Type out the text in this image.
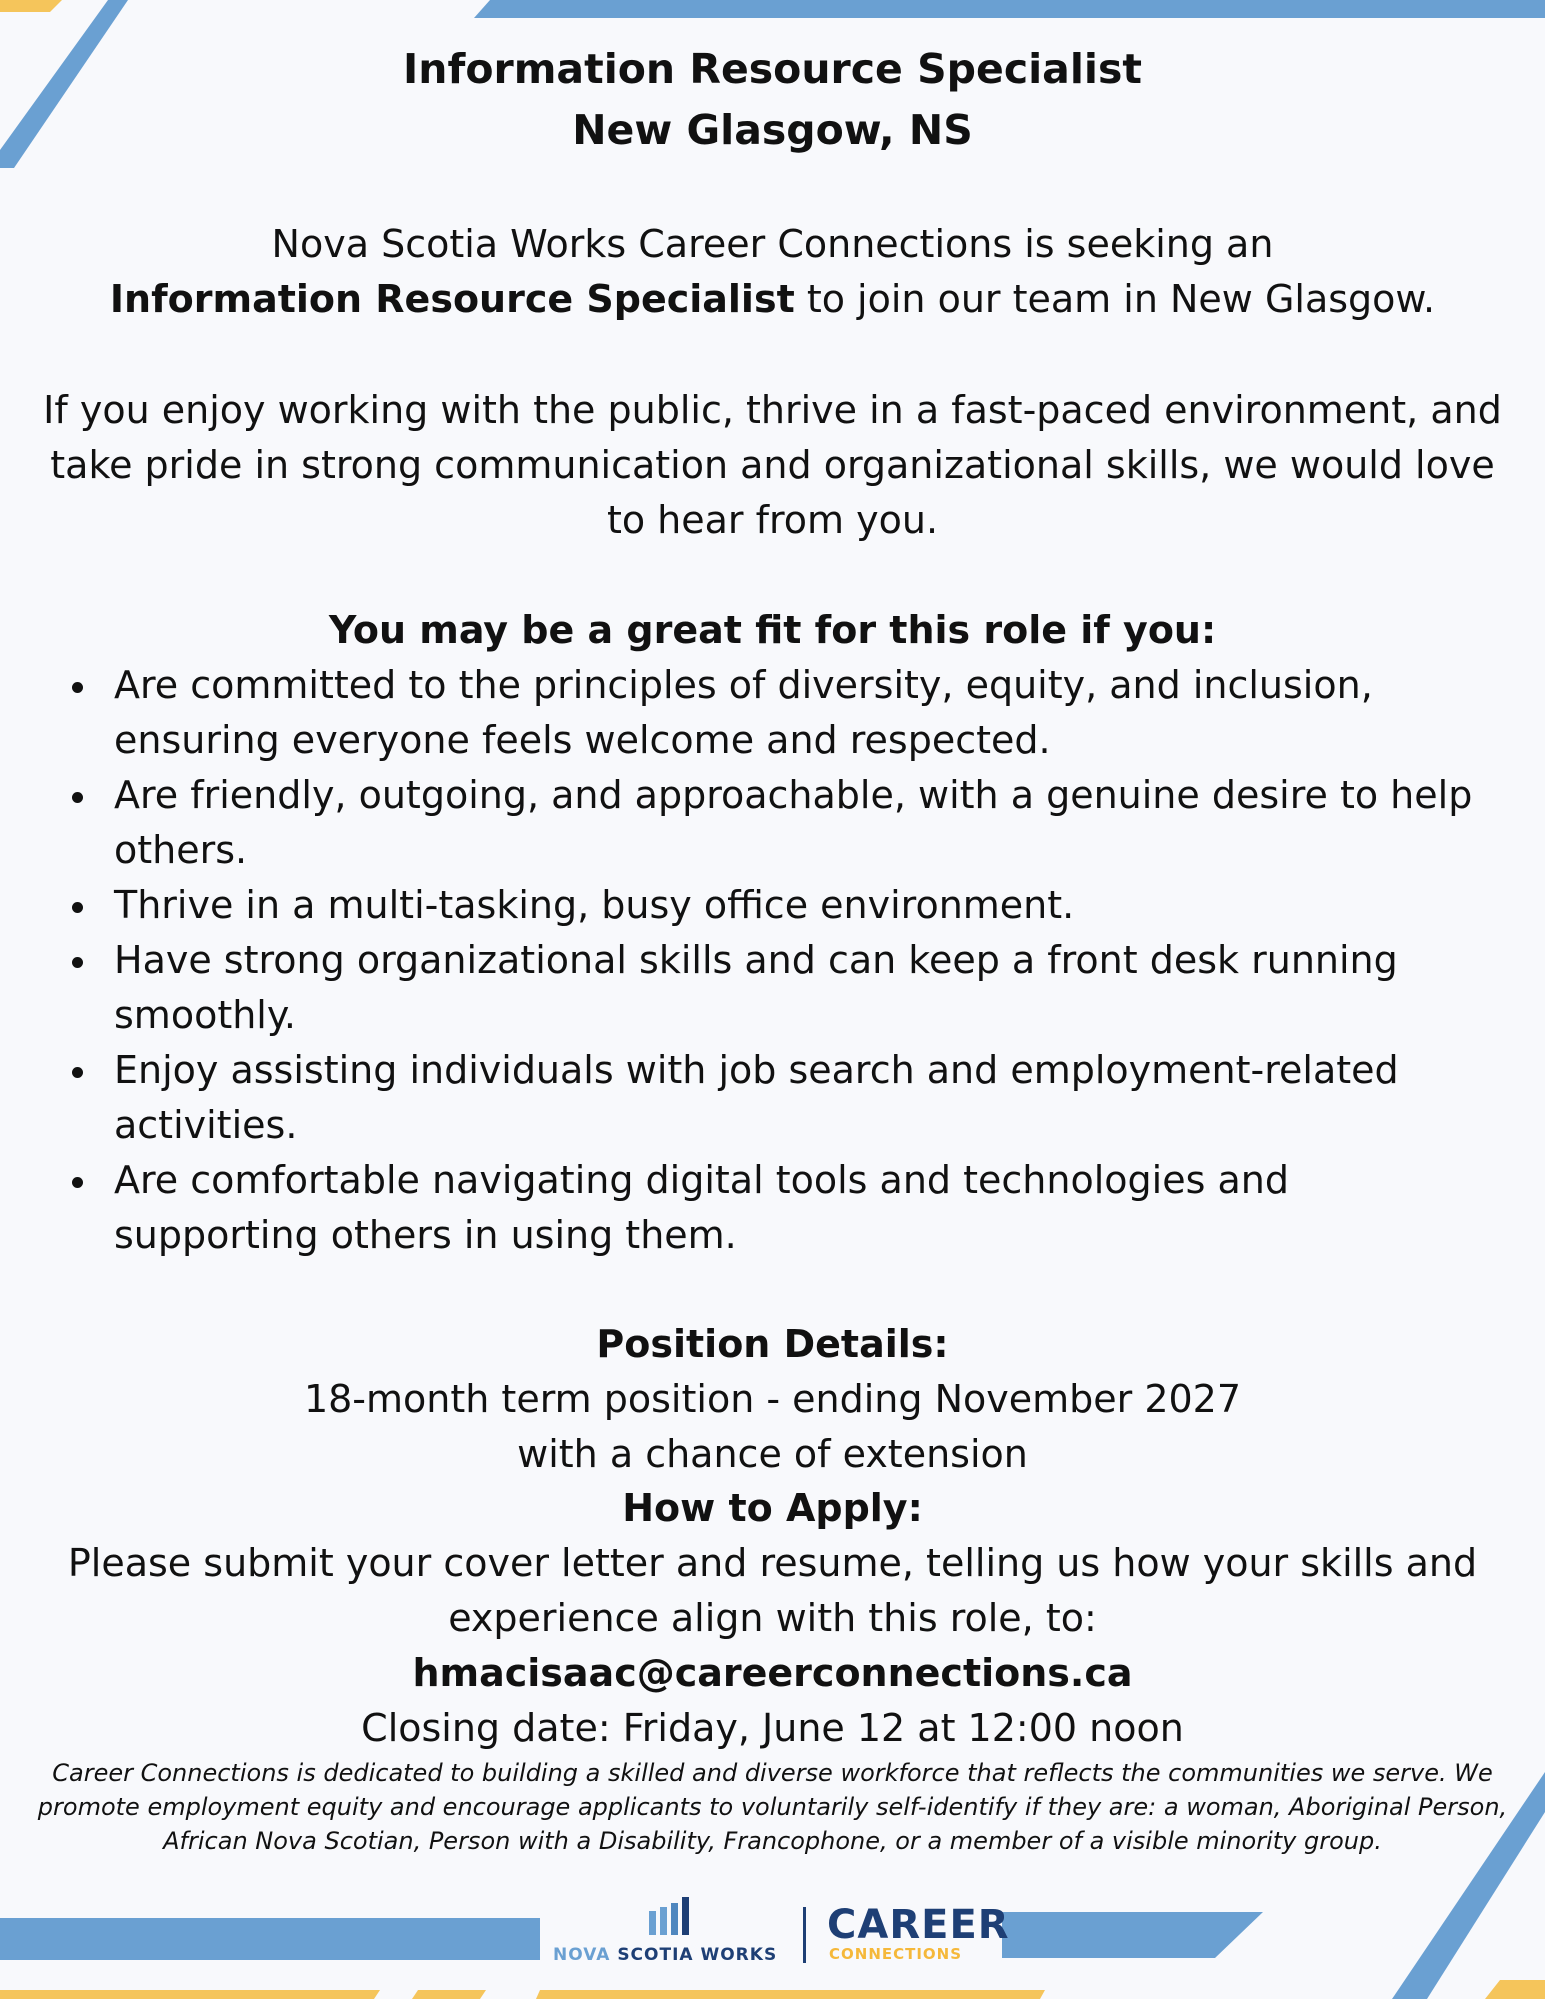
Information Resource Specialist
New Glasgow, NS

Nova Scotia Works Career Connections is seeking an
Information Resource Specialist to join our team in New Glasgow.

If you enjoy working with the public, thrive in a fast-paced environment, and take pride in strong communication and organizational skills, we would love to hear from you.

You may be a great fit for this role if you:
Are committed to the principles of diversity, equity, and inclusion, ensuring everyone feels welcome and respected.
Are friendly, outgoing, and approachable, with a genuine desire to help others.
Thrive in a multi-tasking, busy office environment.
Have strong organizational skills and can keep a front desk running smoothly.
Enjoy assisting individuals with job search and employment-related activities.
Are comfortable navigating digital tools and technologies and supporting others in using them.
Position Details:
18-month term position - ending November 2027
with a chance of extension
How to Apply:
Please submit your cover letter and resume, telling us how your skills and experience align with this role, to:
hmacisaac@careerconnections.ca
Closing date: Friday, June 12 at 12:00 noon

Career Connections is dedicated to building a skilled and diverse workforce that reflects the communities we serve. We promote employment equity and encourage applicants to voluntarily self-identify if they are: a woman, Aboriginal Person, African Nova Scotian, Person with a Disability, Francophone, or a member of a visible minority group.

NOVA SCOTIA WORKS
CAREER
CONNECTIONS
